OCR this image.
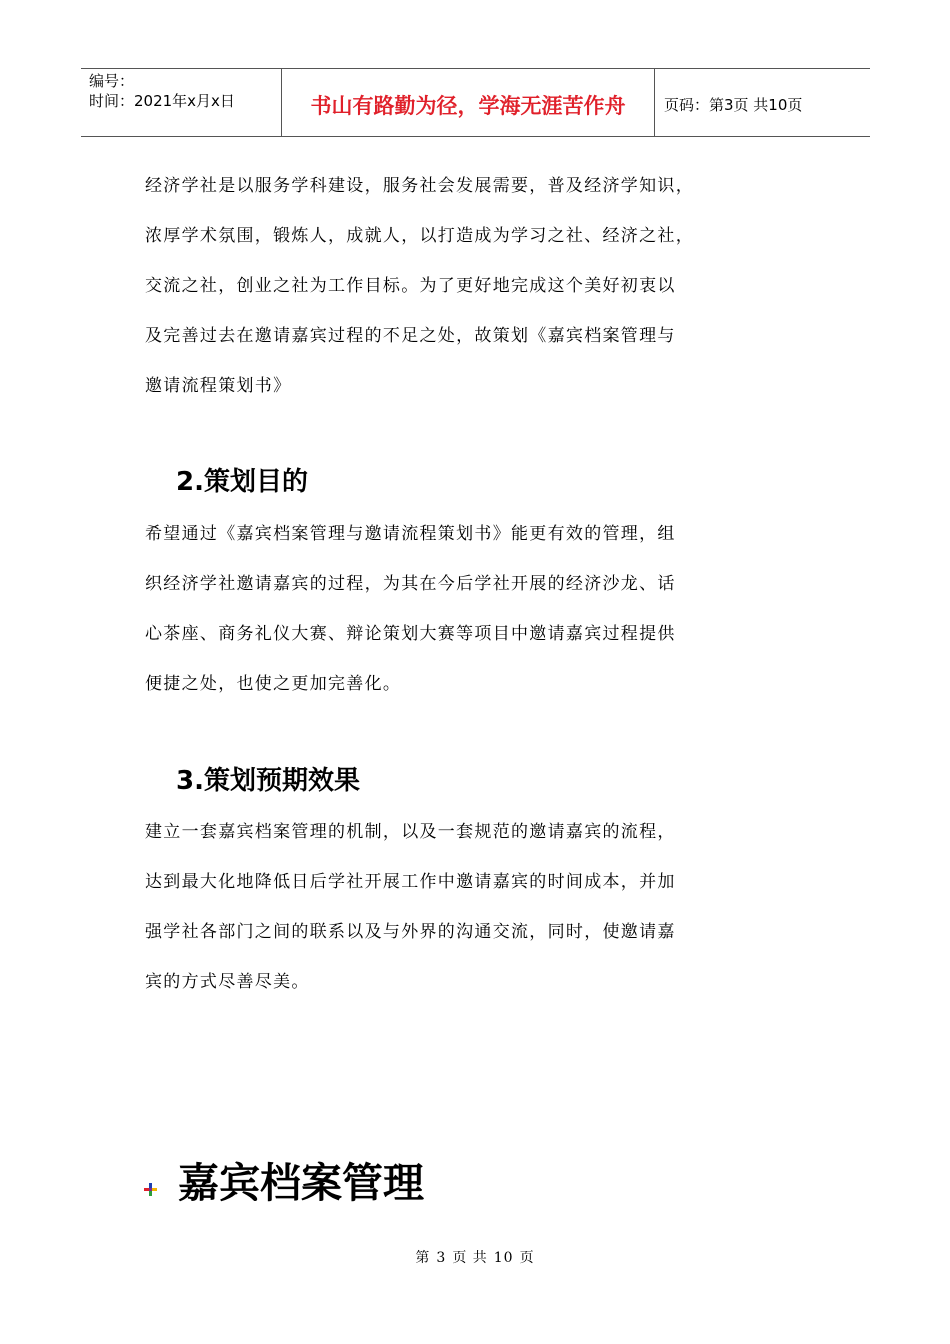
编号：
时间：2021年x月x日	书山有路勤为径，学海无涯苦作舟	页码：第3页 共10页

经济学社是以服务学科建设，服务社会发展需要，普及经济学知识，
浓厚学术氛围，锻炼人，成就人，以打造成为学习之社、经济之社，
交流之社，创业之社为工作目标。为了更好地完成这个美好初衷以
及完善过去在邀请嘉宾过程的不足之处，故策划《嘉宾档案管理与
邀请流程策划书》

2.策划目的

希望通过《嘉宾档案管理与邀请流程策划书》能更有效的管理，组
织经济学社邀请嘉宾的过程，为其在今后学社开展的经济沙龙、话
心茶座、商务礼仪大赛、辩论策划大赛等项目中邀请嘉宾过程提供
便捷之处，也使之更加完善化。

3.策划预期效果

建立一套嘉宾档案管理的机制，以及一套规范的邀请嘉宾的流程，
达到最大化地降低日后学社开展工作中邀请嘉宾的时间成本，并加
强学社各部门之间的联系以及与外界的沟通交流，同时，使邀请嘉
宾的方式尽善尽美。

嘉宾档案管理
第 3 页 共 10 页
